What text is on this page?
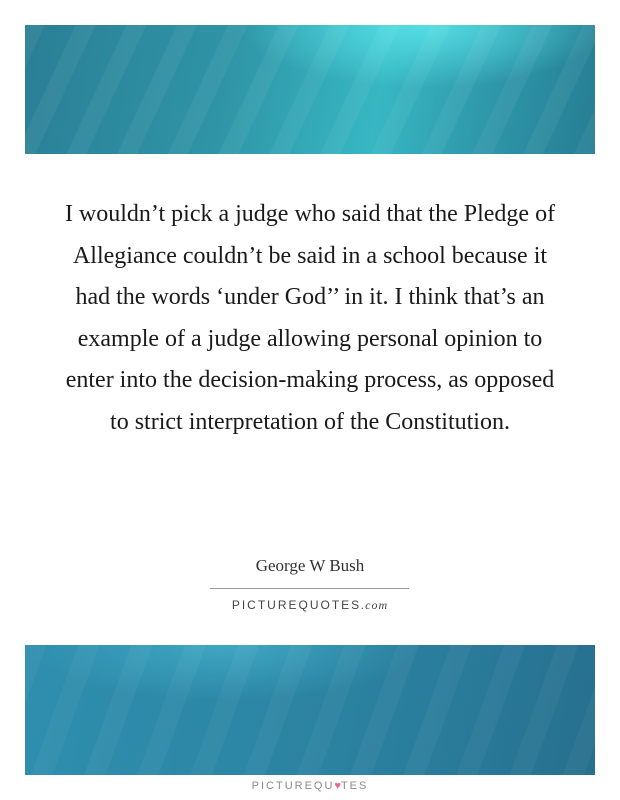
I wouldn’t pick a judge who said that the Pledge of Allegiance couldn’t be said in a school because it had the words ‘under God’’ in it. I think that’s an example of a judge allowing personal opinion to enter into the decision-making process, as opposed to strict interpretation of the Constitution.

George W Bush
PICTUREQUOTES.com
PICTUREQU♥TES
